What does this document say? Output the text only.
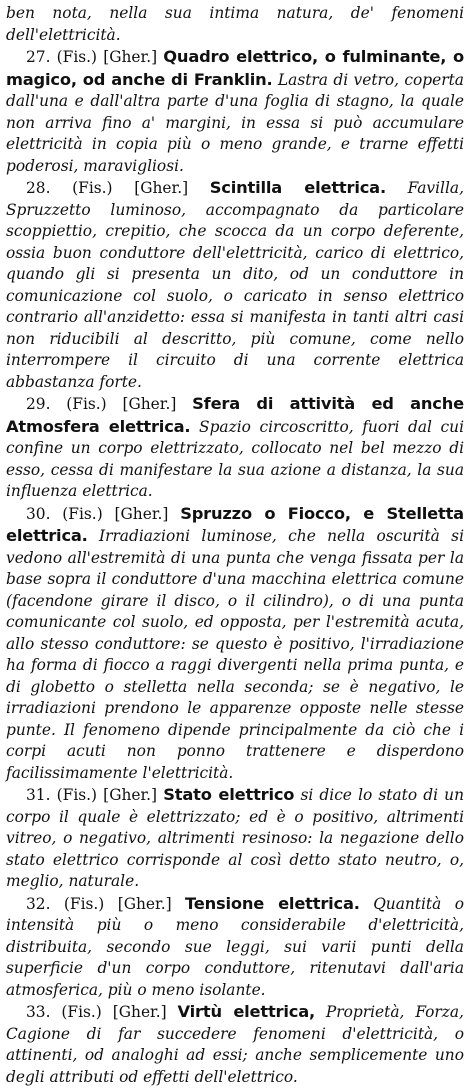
ben nota, nella sua intima natura, de' fenomeni dell'elettricità.

27. (Fis.) [Gher.] Quadro elettrico, o fulminante, o magico, od anche di Franklin. Lastra di vetro, coperta dall'una e dall'altra parte d'una foglia di stagno, la quale non arriva fino a' margini, in essa si può accumulare elettricità in copia più o meno grande, e trarne effetti poderosi, maravigliosi.

28. (Fis.) [Gher.] Scintilla elettrica. Favilla, Spruzzetto luminoso, accompagnato da particolare scoppiettio, crepitio, che scocca da un corpo deferente, ossia buon conduttore dell'elettricità, carico di elettrico, quando gli si presenta un dito, od un conduttore in comunicazione col suolo, o caricato in senso elettrico contrario all'anzidetto: essa si manifesta in tanti altri casi non riducibili al descritto, più comune, come nello interrompere il circuito di una corrente elettrica abbastanza forte.

29. (Fis.) [Gher.] Sfera di attività ed anche Atmosfera elettrica. Spazio circoscritto, fuori dal cui confine un corpo elettrizzato, collocato nel bel mezzo di esso, cessa di manifestare la sua azione a distanza, la sua influenza elettrica.

30. (Fis.) [Gher.] Spruzzo o Fiocco, e Stelletta elettrica. Irradiazioni luminose, che nella oscurità si vedono all'estremità di una punta che venga fissata per la base sopra il conduttore d'una macchina elettrica comune (facendone girare il disco, o il cilindro), o di una punta comunicante col suolo, ed opposta, per l'estremità acuta, allo stesso conduttore: se questo è positivo, l'irradiazione ha forma di fiocco a raggi divergenti nella prima punta, e di globetto o stelletta nella seconda; se è negativo, le irradiazioni prendono le apparenze opposte nelle stesse punte. Il fenomeno dipende principalmente da ciò che i corpi acuti non ponno trattenere e disperdono facilissimamente l'elettricità.

31. (Fis.) [Gher.] Stato elettrico si dice lo stato di un corpo il quale è elettrizzato; ed è o positivo, altrimenti vitreo, o negativo, altrimenti resinoso: la negazione dello stato elettrico corrisponde al così detto stato neutro, o, meglio, naturale.

32. (Fis.) [Gher.] Tensione elettrica. Quantità o intensità più o meno considerabile d'elettricità, distribuita, secondo sue leggi, sui varii punti della superficie d'un corpo conduttore, ritenutavi dall'aria atmosferica, più o meno isolante.

33. (Fis.) [Gher.] Virtù elettrica, Proprietà, Forza, Cagione di far succedere fenomeni d'elettricità, o attinenti, od analoghi ad essi; anche semplicemente uno degli attributi od effetti dell'elettrico.
